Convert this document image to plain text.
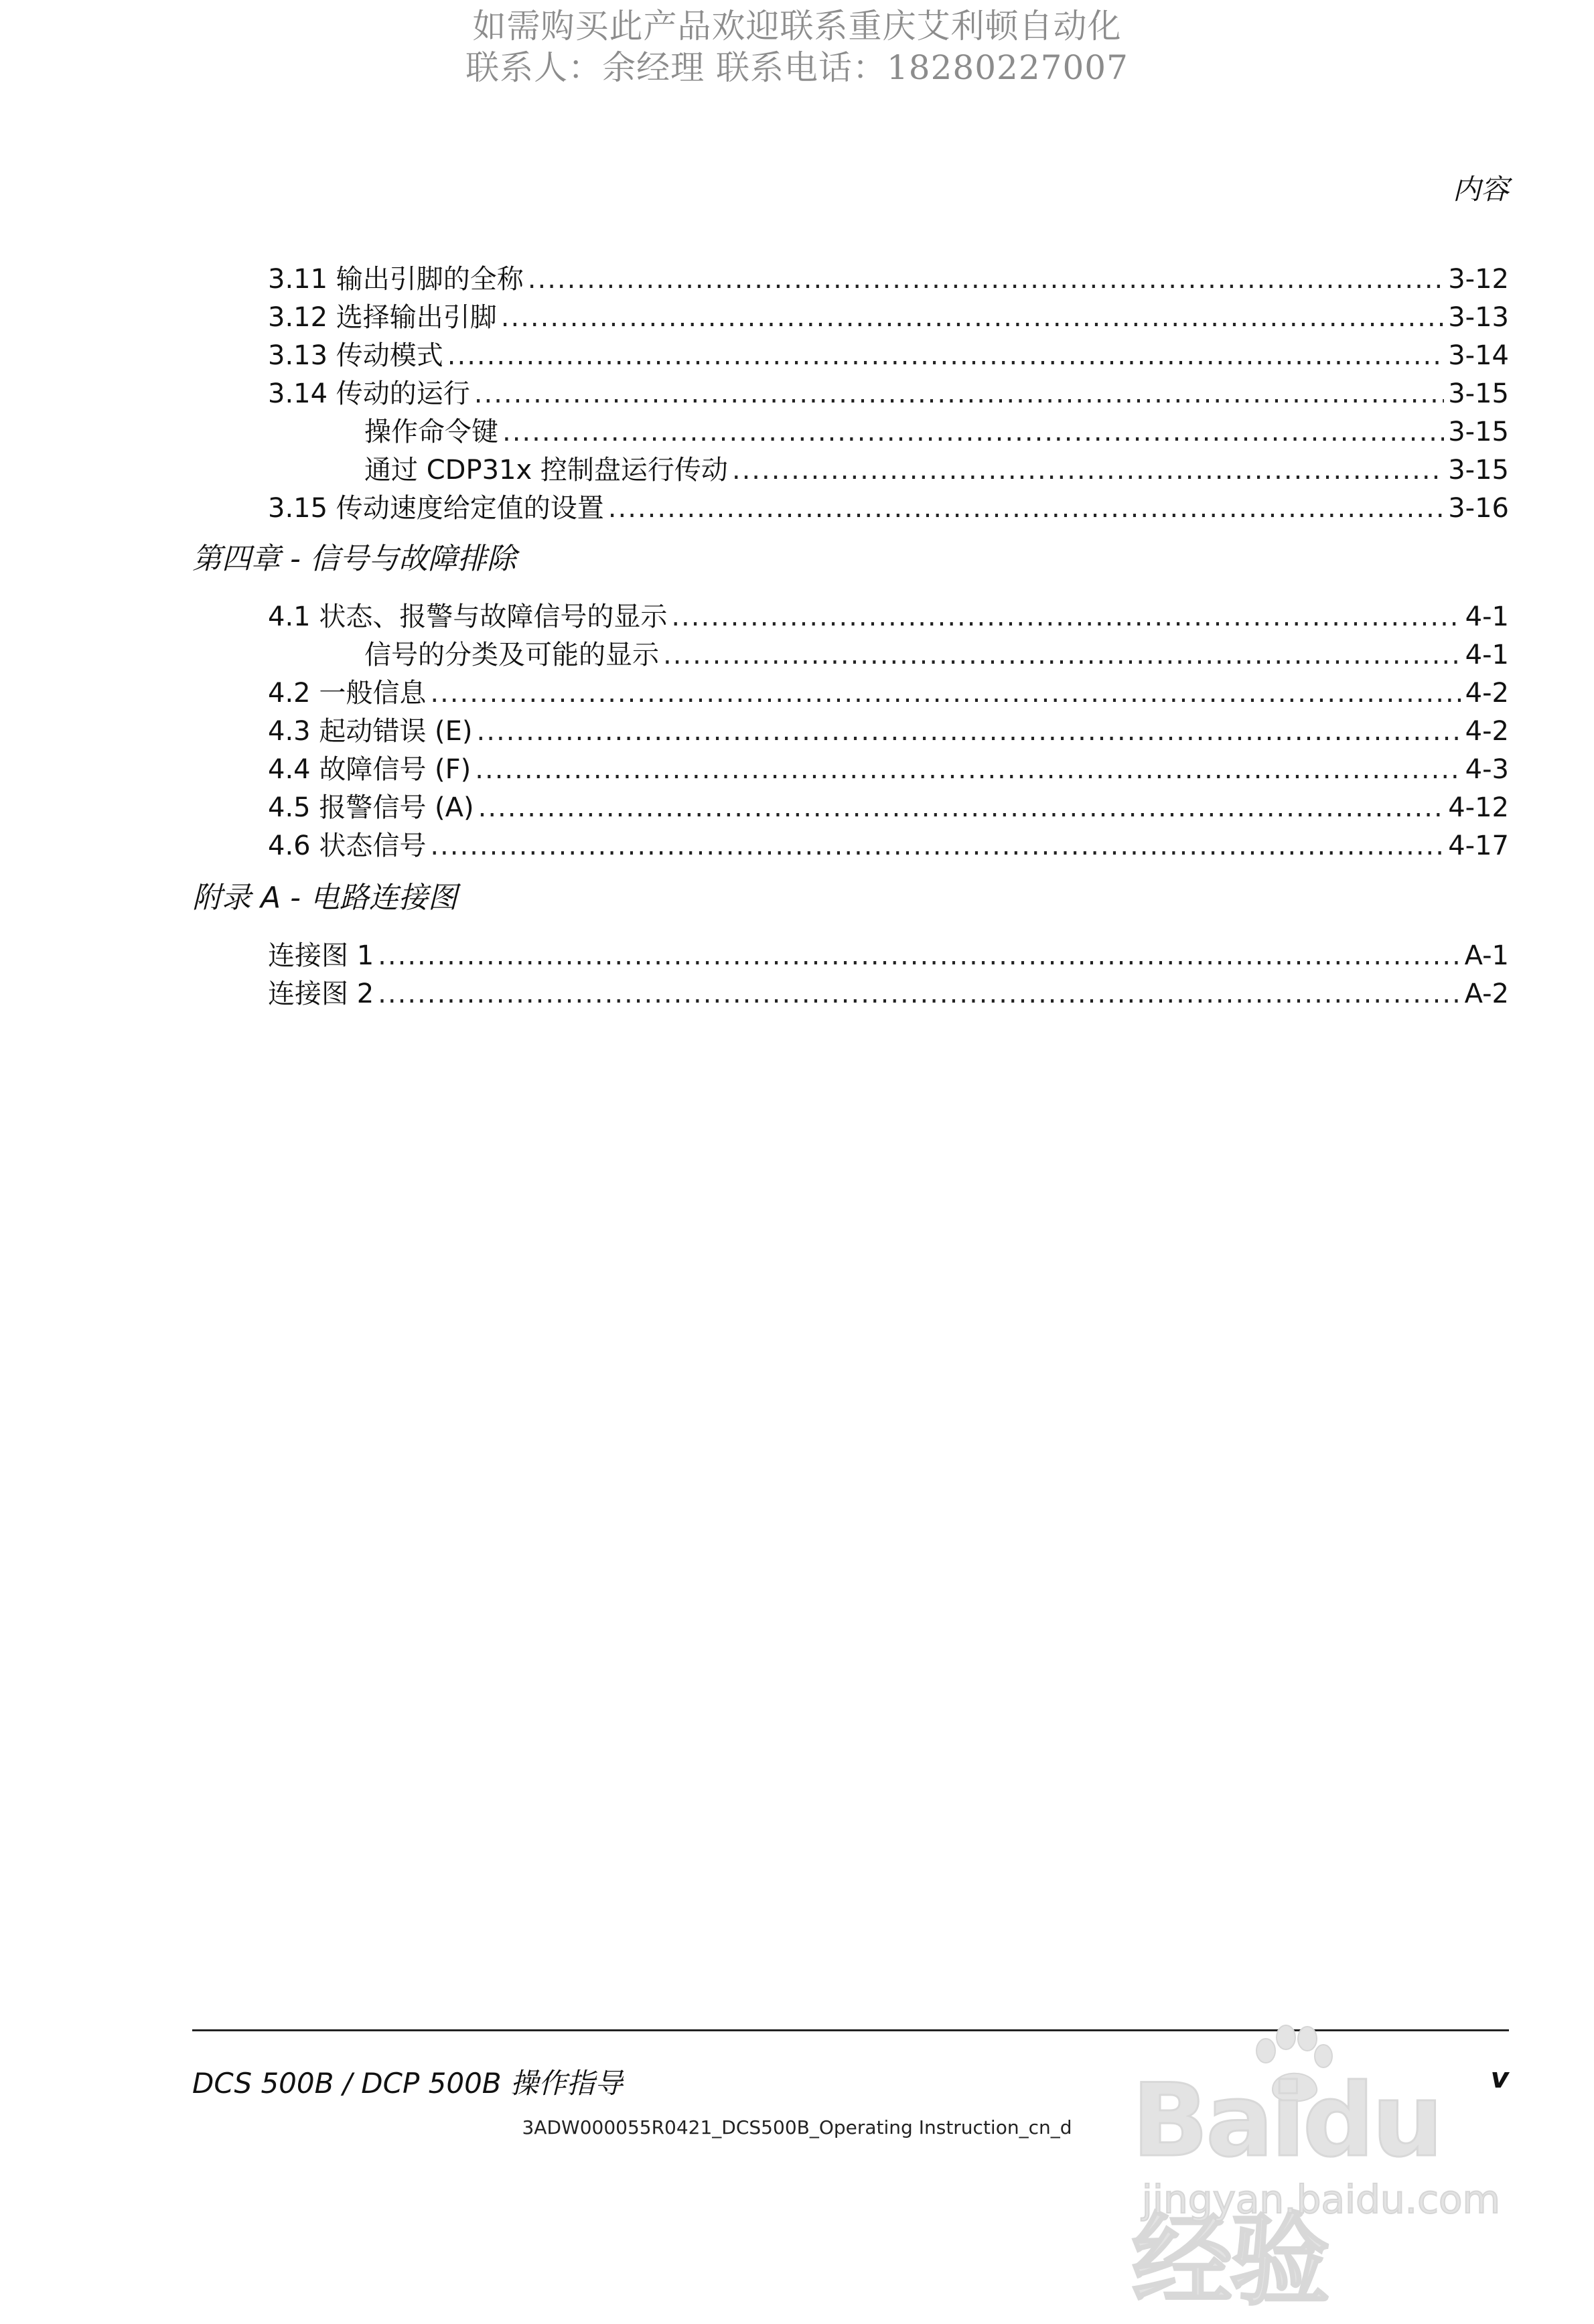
如需购买此产品欢迎联系重庆艾利顿自动化
联系人：余经理 联系电话：18280227007
内容
3.11 输出引脚的全称 .....	3-12
3.12 选择输出引脚 .....	3-13
3.13 传动模式 .....	3-14
3.14 传动的运行 .....	3-15
操作命令键 .....	3-15
通过 CDP31x 控制盘运行传动 .....	3-15
3.15 传动速度给定值的设置 .....	3-16
第四章 - 信号与故障排除
4.1 状态、报警与故障信号的显示 .....	4-1
信号的分类及可能的显示 .....	4-1
4.2 一般信息 .....	4-2
4.3 起动错误 (E) .....	4-2
4.4 故障信号 (F) .....	4-3
4.5 报警信号 (A) .....	4-12
4.6 状态信号 .....	4-17
附录 A - 电路连接图
连接图 1 .....	A-1
连接图 2 .....	A-2
Baidu经验
jingyan.baidu.com
DCS 500B / DCP 500B 操作指导	v
3ADW000055R0421_DCS500B_Operating Instruction_cn_d
